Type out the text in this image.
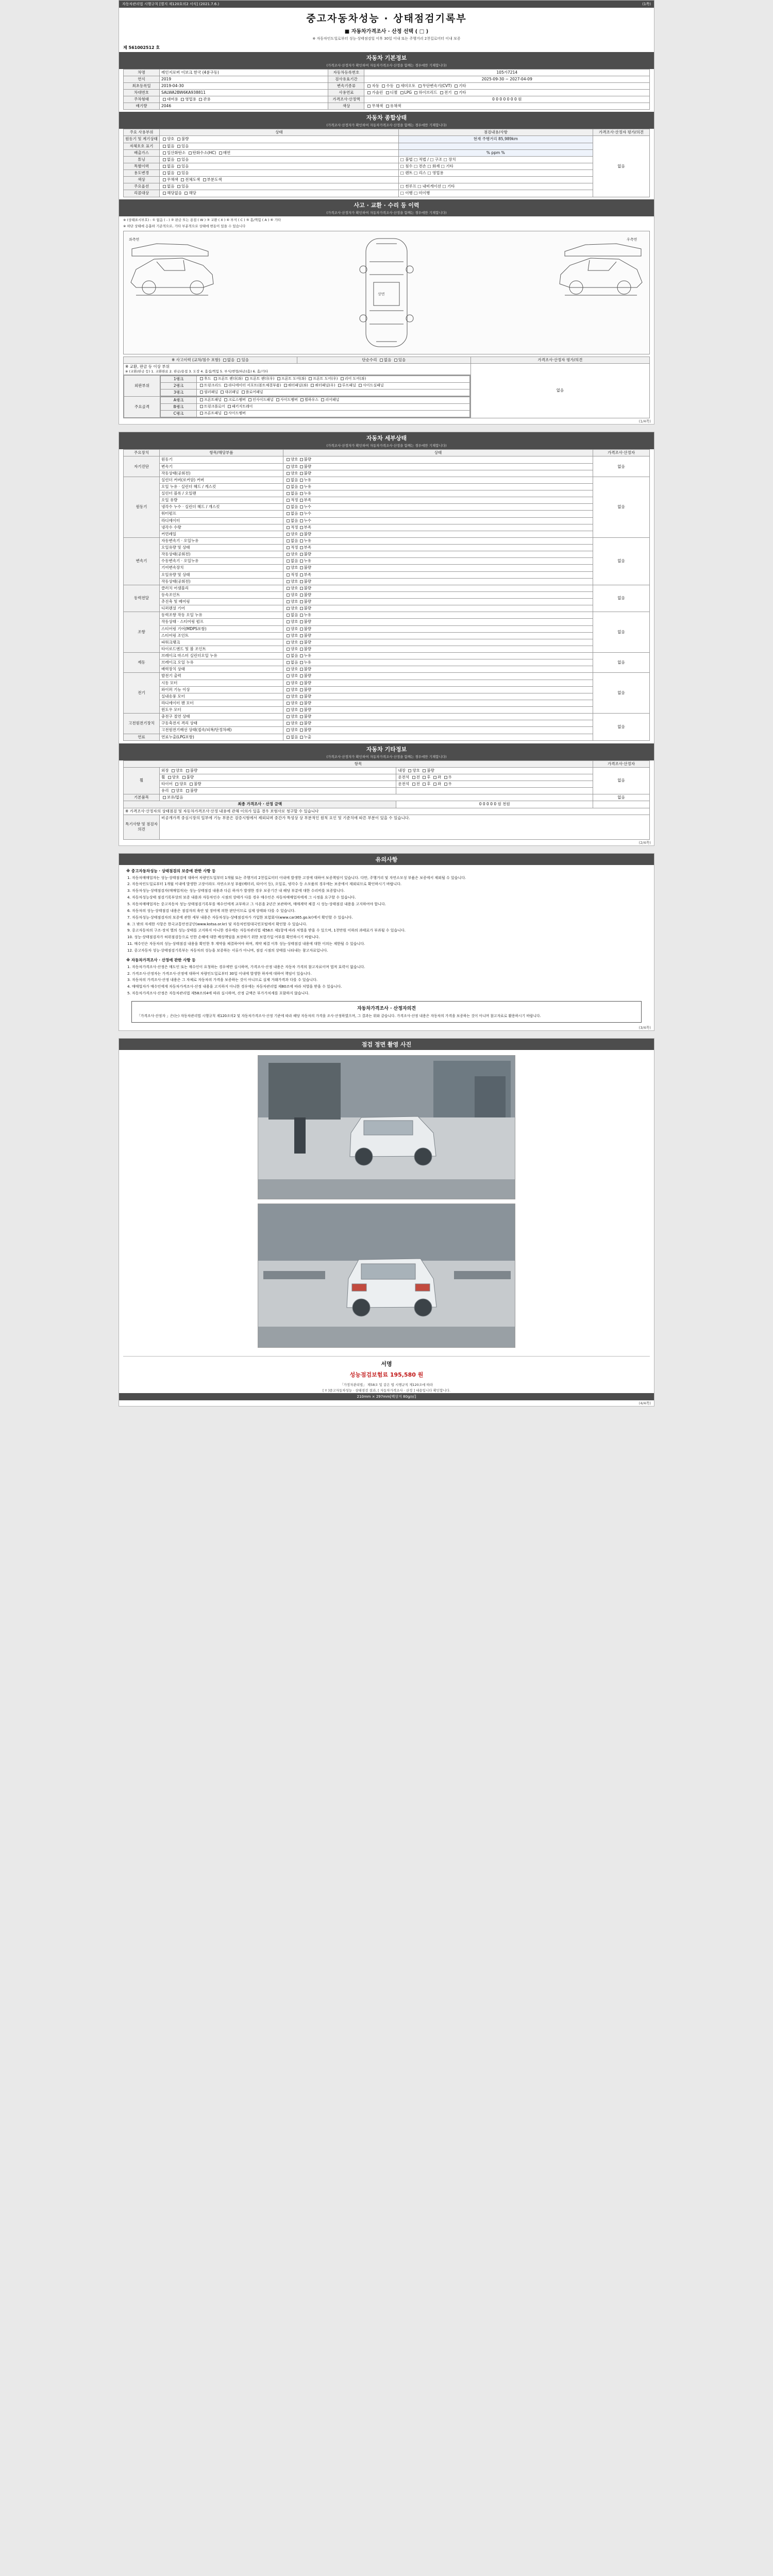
자동차관리법 시행규칙 [별지 제120호의2 서식] (2021.7.6.)	(1쪽)
중고자동차성능 · 상태점검기록부
■ 자동차가격조사 · 산정 선택 ( □ )
※ 자동차인도일로부터 성능·상태점검일 이후 30일 이내 또는 주행거리 2천킬로미터 이내 보증
제 561002512 호
자동차 기본정보
(가격조사·산정자가 확인하여 자동차가격조사·산정을 함께는 경우에만 기재합니다)
차명	레인지로버 이보크 한국 (4륜구동)	자동차등록번호	105가7214
연식	2019	검사유효기간	2025-09-30 ~ 2027-04-09
최초등록일	2019-04-30	변속기종류	자동 수동 세미오토 무단변속기(CVT) 기타
차대번호	SALWA2BW6KA938811	사용연료	가솔린 디젤 LPG 하이브리드 전기 기타
주차형태	대여용 영업용 관용	가격조사·산정액	0 0 0 0 0 0 0 원
배기량	2046	색상	무채색 유채색
자동차 종합상태
(가격조사·산정자가 확인하여 자동차가격조사·산정을 함께는 경우에만 기재합니다)
주요 사용부위	상태	점검내용/사항	가격조사·산정자 평가/의견
원동기 및 계기상태	양호 불량	현재 주행거리 85,989km	없음
자체호호 표기	없음 있음		
배출가스	일산화탄소 탄화수소(HC) 매연	% ppm %	
튜닝	없음 있음	□ 불법 □ 적법 / □ 구조 □ 장치	
특별이력	없음 있음	□ 침수 □ 전손 □ 화재 □ 기타	
용도변경	없음 있음	□ 렌트 □ 리스 □ 영업용	
색상	무채색 전체도색 부분도색		
주요옵션	없음 있음	□ 썬루프 □ 내비게이션 □ 기타	
리콜대상	해당없음 해당	□ 이행 □ 미이행	
사고 · 교환 · 수리 등 이력
(가격조사·산정자가 확인하여 자동차가격조사·산정을 함께는 경우에만 기재합니다)
※ (상태표시부호) : ① 없음 ( - ) ② 판금 또는 용접 ( W ) ③ 교환 ( X ) ④ 부식 ( C ) ⑤ 흠/찍힘 ( A ) ⑥ 기타
※ 하단 상태에 응흡하 기준적으로, 기타 부분적으로 상태에 변동이 있을 수 있습니다
좌측면
상면
우측면
※ 사고이력 (교차/침수 포함) 없음 있음	단순수리 없음 있음	가격조사·산정자 평가/의견

※ 교환, 판금 등 이상 부위
※ (교환/판금 등) 1. 교환완료 2. 판금/용접 3. 도장 4. 흠집/찍힘 5. 부식/변형/파손(흠) 6. 흠/기타
	없음

외판부위	
1랭크	후드 프론트 펜더(좌) 프론트 펜더(우) 프론트 도어(좌) 프론트 도어(우) 리어 도어(좌)
2랭크	트렁크리드 라디에이터 서포트(볼트체결부품) 쿼터패널(좌) 쿼터패널(우) 루프패널 사이드실패널
3랭크	필러패널 대쉬패널 플로어패널

주요골격	
A랭크	프론트패널 크로스멤버 인사이드패널 사이드멤버 휠하우스 리어패널
B랭크	트렁크플로어 패키지트레이
C랭크	프론트패널 사이드멤버
(1/4쪽)
자동차 세부상태
(가격조사·산정자가 확인하여 자동차가격조사·산정을 함께는 경우에만 기재합니다)
주요장치	항목/해당부품	상태	가격조사·산정자
자기진단	원동기	양호 불량	없음
	변속기	양호 불량	
	작동상태(공회전)	양호 불량	
원동기	실린더 커버(로커암) 커버	없음 누유	없음
	오일 누유 · 실린더 헤드 / 게스킷	없음 누유	
	실린더 블록 / 오일팬	없음 누유	
	오일 유량	적정 부족	
	냉각수 누수 · 실린더 헤드 / 개스킷	없음 누수	
	워터펌프	없음 누수	
	라디에이터	없음 누수	
	냉각수 수량	적정 부족	
	커먼레일	양호 불량	
변속기	자동변속기 · 오일누유	없음 누유	없음
	오일유량 및 상태	적정 부족	
	작동상태(공회전)	양호 불량	
	수동변속기 · 오일누유	없음 누유	
	기어변속장치	양호 불량	
	오일유량 및 상태	적정 부족	
	작동상태(공회전)	양호 불량	
동력전달	클러치 어셈블리	양호 불량	없음
	등속조인트	양호 불량	
	추진축 및 베어링	양호 불량	
	디퍼렌셜 기어	양호 불량	
조향	동력조향 작동 오일 누유	없음 누유	없음
	작동상태 · 스티어링 펌프	양호 불량	
	스티어링 기어(MDPS포함)	양호 불량	
	스티어링 조인트	양호 불량	
	파워크랭크	양호 불량	
	타이로드엔드 및 볼 조인트	양호 불량	
제동	브레이크 마스터 실린더오일 누유	없음 누유	없음
	브레이크 오일 누유	없음 누유	
	배력장치 상태	양호 불량	
전기	발전기 출력	양호 불량	없음
	시동 모터	양호 불량	
	와이퍼 기능 이상	양호 불량	
	실내송풍 모터	양호 불량	
	라디에이터 팬 모터	양호 불량	
	윈도우 모터	양호 불량	
고전원전기장치	충전구 절연 상태	양호 불량	없음
	구동축전지 격리 상태	양호 불량	
	고전원전기배선 상태(접속/피복/단정차폐)	양호 불량	
연료	연료누출(LPG포함)	없음 누출	
자동차 기타정보
(가격조사·산정자가 확인하여 자동차가격조사·산정을 함께는 경우에만 기재합니다)
항목			가격조사·산정자
휠	외장 양호 불량	내장 양호 불량	없음
	휠 양호 불량	운전석 전 후 좌 우	
	타이어 양호 불량	운전석 전 후 좌 우	
	유리 양호 불량		
기본품목	보유/없음		없음
최종 가격조사 · 산정 금액		0 0 0 0 0 원 천원	
※ 가격조사·산정자의 상태점검 및 자동차가격조사·산정 내용에 관해 이의가 있을 경우 보험사로 청구할 수 있습니다			
특기사항 및 점검자의견	비공개가격 중심시장의 일부에 기능 부문은 검증시험에서 제외되며 중간가 특성상 상 부분적인 원칙 요인 및 기준치에 따른 부분이 있을 수 있습니다.		
(2/4쪽)
유의사항
※ 중고자동차성능 · 상태점검의 보증에 관한 사항 등
1. 자동차매매업자는 성능·상태점검에 대하여 차량인도일부터 1개월 또는 주행거리 2천킬로미터 이내에 발생한 고장에 대하여 보증책임이 있습니다. 다만, 주행거리 및 자연소모성 부품은 보증에서 제외될 수 있습니다.
2. 자동차인도일로부터 1개월 이내에 발생한 고장이라도 자연소모성 부품(배터리, 타이어 등), 오일류, 냉각수 등 소모품의 경우에는 보증에서 제외되므로 확인하시기 바랍니다.
3. 자동차성능·상태점검자(매매업자)는 성능·상태점검 내용과 다른 하자가 발생한 경우 보증기간 내 해당 부분에 대한 수리비를 보증합니다.
4. 자동차성능상태 점검기록부상의 보증 내용과 자동차인수 시점의 상태가 다를 경우 매수인은 자동차매매업자에게 그 시정을 요구할 수 있습니다.
5. 자동차매매업자는 중고자동차 성능·상태점검기록부를 매수인에게 교부하고 그 사본을 2년간 보관하며, 매매계약 체결 시 성능·상태점검 내용을 고지하여야 합니다.
6. 자동차의 성능·상태점검 내용은 점검자의 육안 및 장비에 의한 판단이므로 실제 상태와 다를 수 있습니다.
7. 자동차성능·상태점검자의 보증에 관한 세부 내용은 자동차성능·상태점검자가 가입한 보험회사(www.car365.go.kr)에서 확인할 수 있습니다.
8. 그 밖의 자세한 사항은 한국교통안전공단(www.kotsa.or.kr) 및 자동차민원대국민포털에서 확인할 수 있습니다.
9. 중고자동차의 구조·장치 별의 성능·상태를 고지하지 아니한 경우에는 자동차관리법 제58조 제1항에 따라 처벌을 받을 수 있으며, 1천만원 이하의 과태료가 부과될 수 있습니다.
10. 성능·상태점검자가 허위점검등으로 인한 손해에 대한 배상책임을 보장하기 위한 보험가입 여부를 확인하시기 바랍니다.
11. 매수인은 자동차의 성능·상태점검 내용을 확인한 후 계약을 체결하여야 하며, 계약 체결 이후 성능·상태점검 내용에 대한 이의는 제한될 수 있습니다.
12. 중고자동차 성능·상태점검기록부는 자동차의 성능을 보증하는 서류가 아니며, 점검 시점의 상태를 나타내는 참고자료입니다.
※ 자동차가격조사 · 산정에 관한 사항 등
1. 자동차가격조사·산정은 매도인 또는 매수인이 요청하는 경우에만 실시하며, 가격조사·산정 내용은 자동차 가격의 참고자료이며 법적 효력이 없습니다.
2. 가격조사·산정자는 가격조사·산정에 대하여 차량인도일로부터 30일 이내에 발생한 하자에 대하여 책임이 있습니다.
3. 자동차의 가격조사·산정 내용은 그 자체로 자동차의 가격을 보증하는 것이 아니므로 실제 거래가격과 다를 수 있습니다.
4. 매매업자가 매수인에게 자동차가격조사·산정 내용을 고지하지 아니한 경우에는 자동차관리법 제80조에 따라 처벌을 받을 수 있습니다.
5. 자동차가격조사·산정은 자동차관리법 제58조의4에 따라 실시하며, 산정 금액은 부가가치세를 포함하지 않습니다.
자동차가격조사 · 산정자의견
「가격조사·산정자 」은(는) 자동차관리법 시행규칙 제120조의2 및 자동차가격조사·산정 기준에 따라 해당 자동차의 가격을 조사·산정하였으며, 그 결과는 위와 같습니다. 가격조사·산정 내용은 자동차의 가격을 보증하는 것이 아니며 참고자료로 활용하시기 바랍니다.
(3/4쪽)
점검 정면 촬영 사진
서명
성능점검보험료 195,580 원
「가정자관리법」 제58조 및 같은 법 시행규칙 제120조에 따라
[ Y ]중고자동차성능 · 상태점검 결과, [ 자동차가격조사 · 산정 ] 내용입니다 확인합니다.
210mm × 297mm[백상지 80g/㎡]
(4/4쪽)
